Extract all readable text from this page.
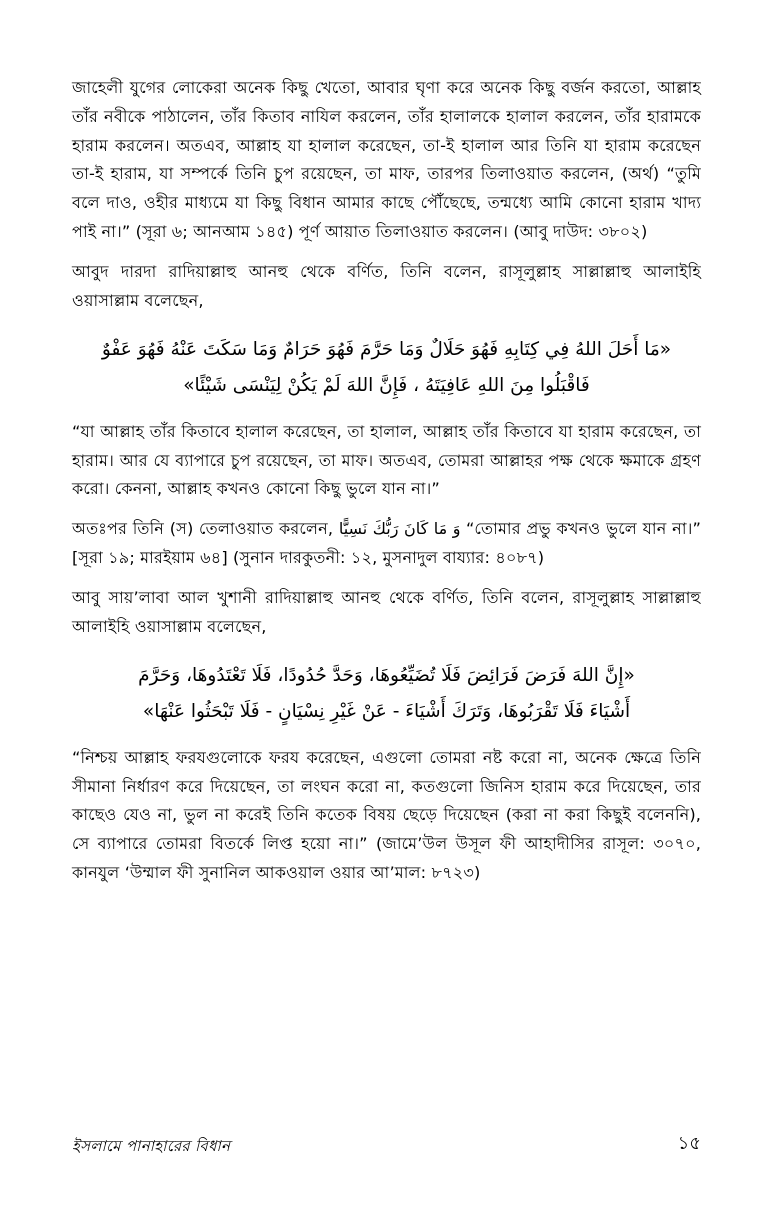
জাহেলী যুগের লোকেরা অনেক কিছু খেতো, আবার ঘৃণা করে অনেক কিছু বর্জন করতো, আল্লাহ তাঁর নবীকে পাঠালেন, তাঁর কিতাব নাযিল করলেন, তাঁর হালালকে হালাল করলেন, তাঁর হারামকে হারাম করলেন। অতএব, আল্লাহ যা হালাল করেছেন, তা-ই হালাল আর তিনি যা হারাম করেছেন তা-ই হারাম, যা সম্পর্কে তিনি চুপ রয়েছেন, তা মাফ, তারপর তিলাওয়াত করলেন, (অর্থ) “তুমি বলে দাও, ওহীর মাধ্যমে যা কিছু বিধান আমার কাছে পৌঁছেছে, তন্মধ্যে আমি কোনো হারাম খাদ্য পাই না।” (সূরা ৬; আনআম ১৪৫) পূর্ণ আয়াত তিলাওয়াত করলেন। (আবু দাউদ: ৩৮০২)

আবুদ দারদা রাদিয়াল্লাহু আনহু থেকে বর্ণিত, তিনি বলেন, রাসূলুল্লাহ সাল্লাল্লাহু আলাইহি ওয়াসাল্লাম বলেছেন,

«مَا أَحَلَ اللهُ فِي كِتَابِهِ فَهُوَ حَلَالٌ وَمَا حَرَّمَ فَهُوَ حَرَامٌ وَمَا سَكَتَ عَنْهُ فَهُوَ عَفْوٌ
فَاقْبَلُوا مِنَ اللهِ عَافِيَتَهُ ، فَإِنَّ اللهَ لَمْ يَكُنْ لِيَنْسَى شَيْئًا»

“যা আল্লাহ তাঁর কিতাবে হালাল করেছেন, তা হালাল, আল্লাহ তাঁর কিতাবে যা হারাম করেছেন, তা হারাম। আর যে ব্যাপারে চুপ রয়েছেন, তা মাফ। অতএব, তোমরা আল্লাহর পক্ষ থেকে ক্ষমাকে গ্রহণ করো। কেননা, আল্লাহ কখনও কোনো কিছু ভুলে যান না।”

অতঃপর তিনি (স) তেলাওয়াত করলেন, وَ مَا كَانَ رَبُّكَ نَسِيًّا “তোমার প্রভু কখনও ভুলে যান না।” [সূরা ১৯; মারইয়াম ৬৪] (সুনান দারকুতনী: ১২, মুসনাদুল বায্যার: ৪০৮৭)

আবু সায়’লাবা আল খুশানী রাদিয়াল্লাহু আনহু থেকে বর্ণিত, তিনি বলেন, রাসূলুল্লাহ সাল্লাল্লাহু আলাইহি ওয়াসাল্লাম বলেছেন,

«إِنَّ اللهَ فَرَضَ فَرَائِضَ فَلَا تُضَيِّعُوهَا، وَحَدَّ حُدُودًا، فَلَا تَعْتَدُوهَا، وَحَرَّمَ
أَشْيَاءَ فَلَا تَقْرَبُوهَا، وَتَرَكَ أَشْيَاءَ - عَنْ غَيْرِ نِسْيَانٍ - فَلَا تَبْحَثُوا عَنْهَا»

“নিশ্চয় আল্লাহ ফরযগুলোকে ফরয করেছেন, এগুলো তোমরা নষ্ট করো না, অনেক ক্ষেত্রে তিনি সীমানা নির্ধারণ করে দিয়েছেন, তা লংঘন করো না, কতগুলো জিনিস হারাম করে দিয়েছেন, তার কাছেও যেও না, ভুল না করেই তিনি কতেক বিষয় ছেড়ে দিয়েছেন (করা না করা কিছুই বলেননি), সে ব্যাপারে তোমরা বিতর্কে লিপ্ত হয়ো না।” (জামে’উল উসূল ফী আহাদীসির রাসূল: ৩০৭০, কানযুল ‘উম্মাল ফী সুনানিল আকওয়াল ওয়ার আ’মাল: ৮৭২৩)

ইসলামে পানাহারের বিধান	১৫
